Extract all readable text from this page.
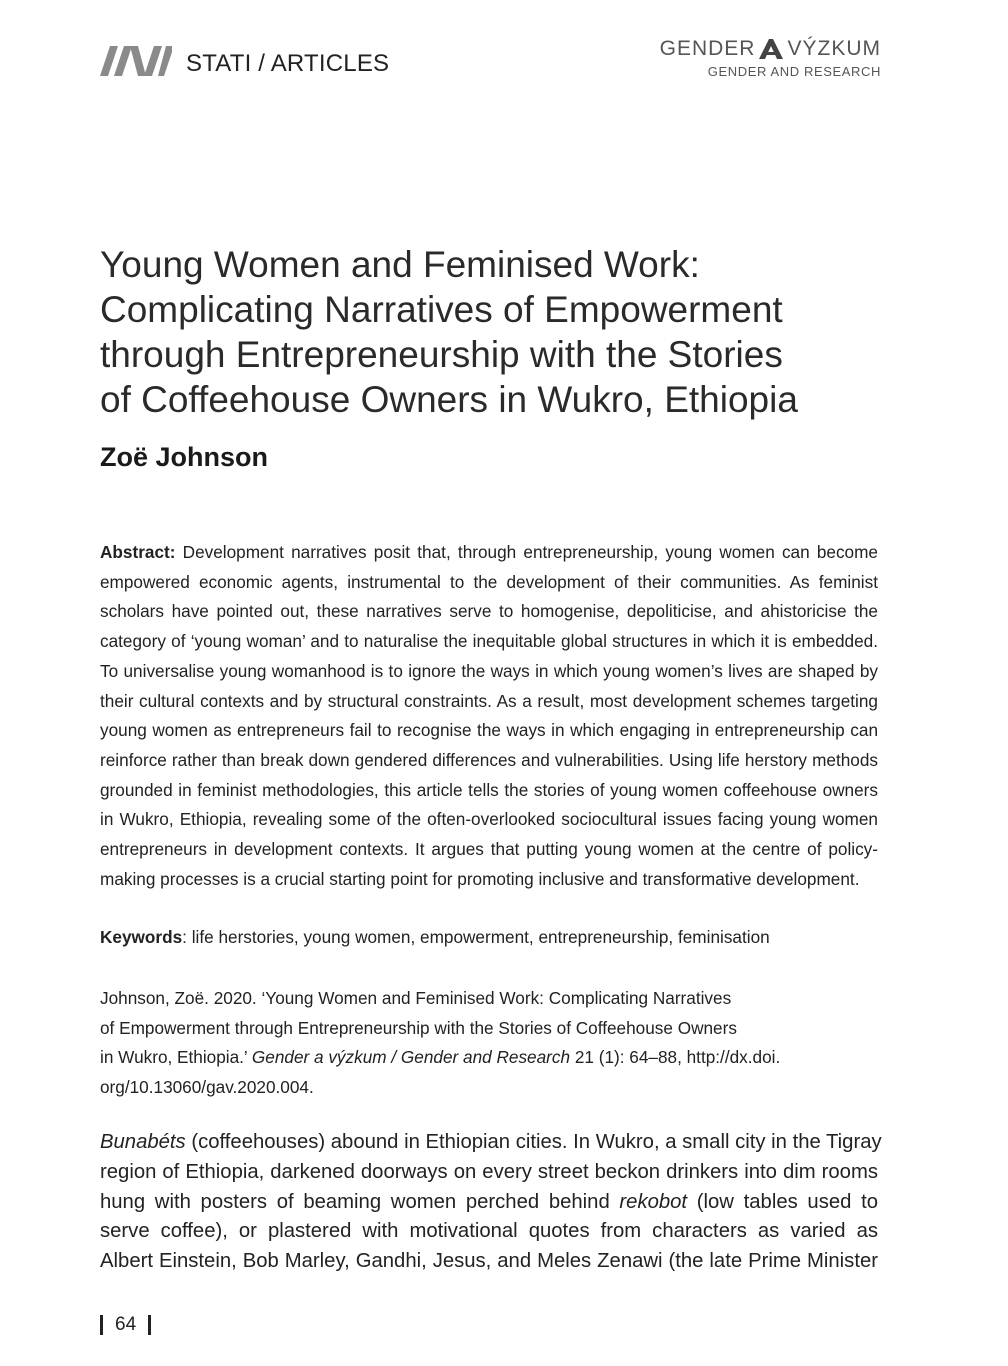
STATI / ARTICLES
GENDER VÝZKUM
GENDER AND RESEARCH
Young Women and Feminised Work:
Complicating Narratives of Empowerment
through Entrepreneurship with the Stories
of Coffeehouse Owners in Wukro, Ethiopia
Zoë Johnson

Abstract: Development narratives posit that, through entrepreneurship, young women can become empowered economic agents, instrumental to the development of their communities. As feminist scholars have pointed out, these narratives serve to homogenise, depoliticise, and ahistoricise the category of ‘young woman’ and to naturalise the inequitable global structures in which it is embedded. To universalise young womanhood is to ignore the ways in which young women’s lives are shaped by their cultural contexts and by structural constraints. As a result, most development schemes targeting young women as entrepreneurs fail to recognise the ways in which engaging in entrepreneurship can reinforce rather than break down gendered differences and vulnerabilities. Using life herstory methods grounded in feminist methodologies, this article tells the stories of young women coffeehouse owners in Wukro, Ethiopia, revealing some of the often-overlooked sociocultural issues facing young women entrepreneurs in development contexts. It argues that putting young women at the centre of policy-making processes is a crucial starting point for promoting inclusive and transformative development.

Keywords: life herstories, young women, empowerment, entrepreneurship, feminisation

Johnson, Zoë. 2020. ‘Young Women and Feminised Work: Complicating Narratives
of Empowerment through Entrepreneurship with the Stories of Coffeehouse Owners
in Wukro, Ethiopia.’ Gender a výzkum / Gender and Research 21 (1): 64–88, http://dx.doi.
org/10.13060/gav.2020.004.

Bunabéts (coffeehouses) abound in Ethiopian cities. In Wukro, a small city in the Tigray
region of Ethiopia, darkened doorways on every street beckon drinkers into dim rooms
hung with posters of beaming women perched behind rekobot (low tables used to
serve coffee), or plastered with motivational quotes from characters as varied as
Albert Einstein, Bob Marley, Gandhi, Jesus, and Meles Zenawi (the late Prime Minister
64
